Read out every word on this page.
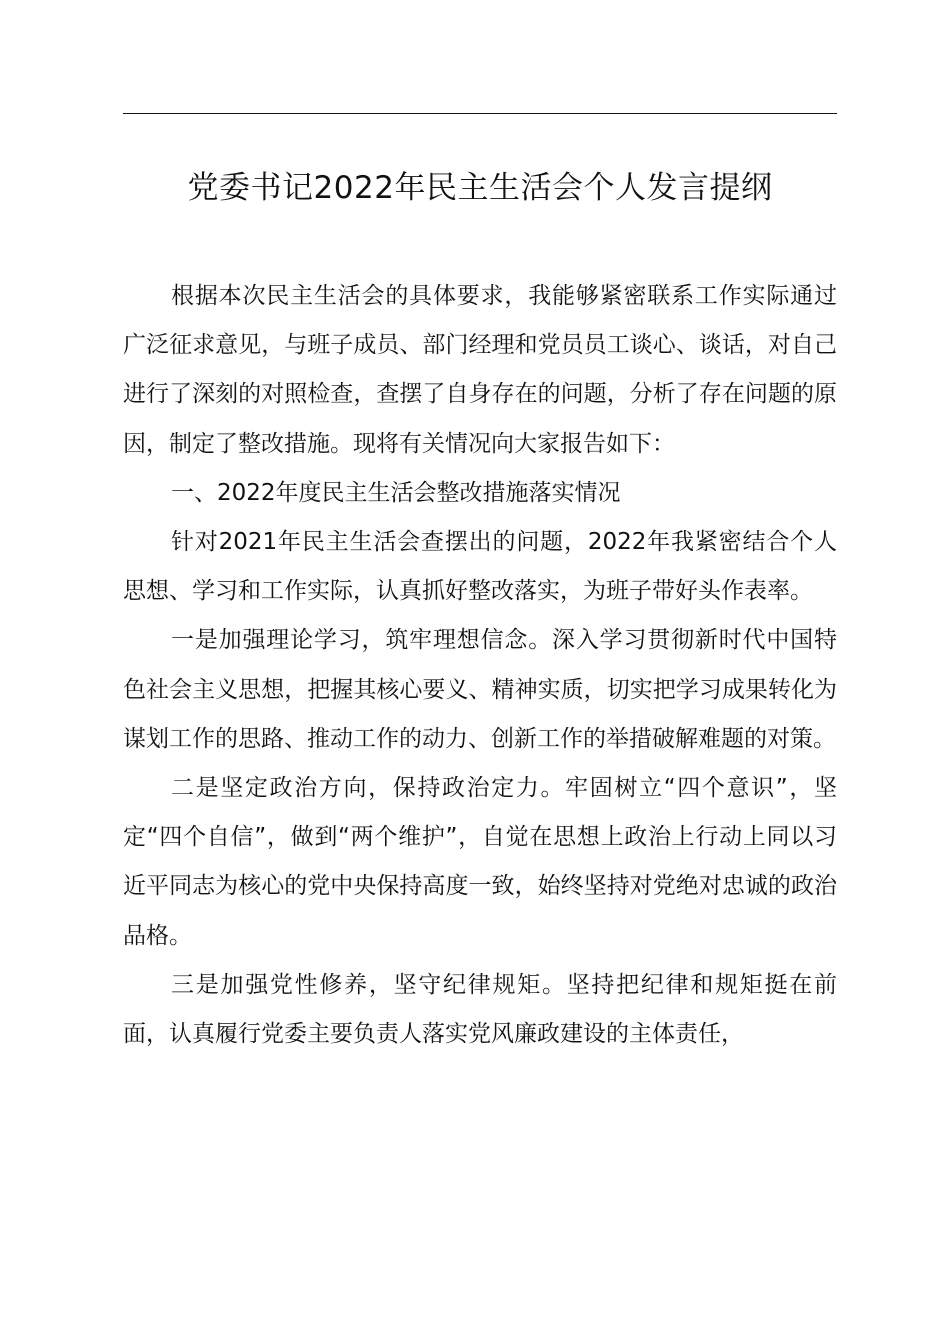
党委书记2022年民主生活会个人发言提纲

根据本次民主生活会的具体要求，我能够紧密联系工作实际通过广泛征求意见，与班子成员、部门经理和党员员工谈心、谈话，对自己进行了深刻的对照检查，查摆了自身存在的问题，分析了存在问题的原因，制定了整改措施。现将有关情况向大家报告如下：

一、2022年度民主生活会整改措施落实情况

针对2021年民主生活会查摆出的问题，2022年我紧密结合个人思想、学习和工作实际，认真抓好整改落实，为班子带好头作表率。

一是加强理论学习，筑牢理想信念。深入学习贯彻新时代中国特色社会主义思想，把握其核心要义、精神实质，切实把学习成果转化为谋划工作的思路、推动工作的动力、创新工作的举措破解难题的对策。

二是坚定政治方向，保持政治定力。牢固树立“四个意识”，坚定“四个自信”，做到“两个维护”，自觉在思想上政治上行动上同以习近平同志为核心的党中央保持高度一致，始终坚持对党绝对忠诚的政治品格。

三是加强党性修养，坚守纪律规矩。坚持把纪律和规矩挺在前面，认真履行党委主要负责人落实党风廉政建设的主体责任，
